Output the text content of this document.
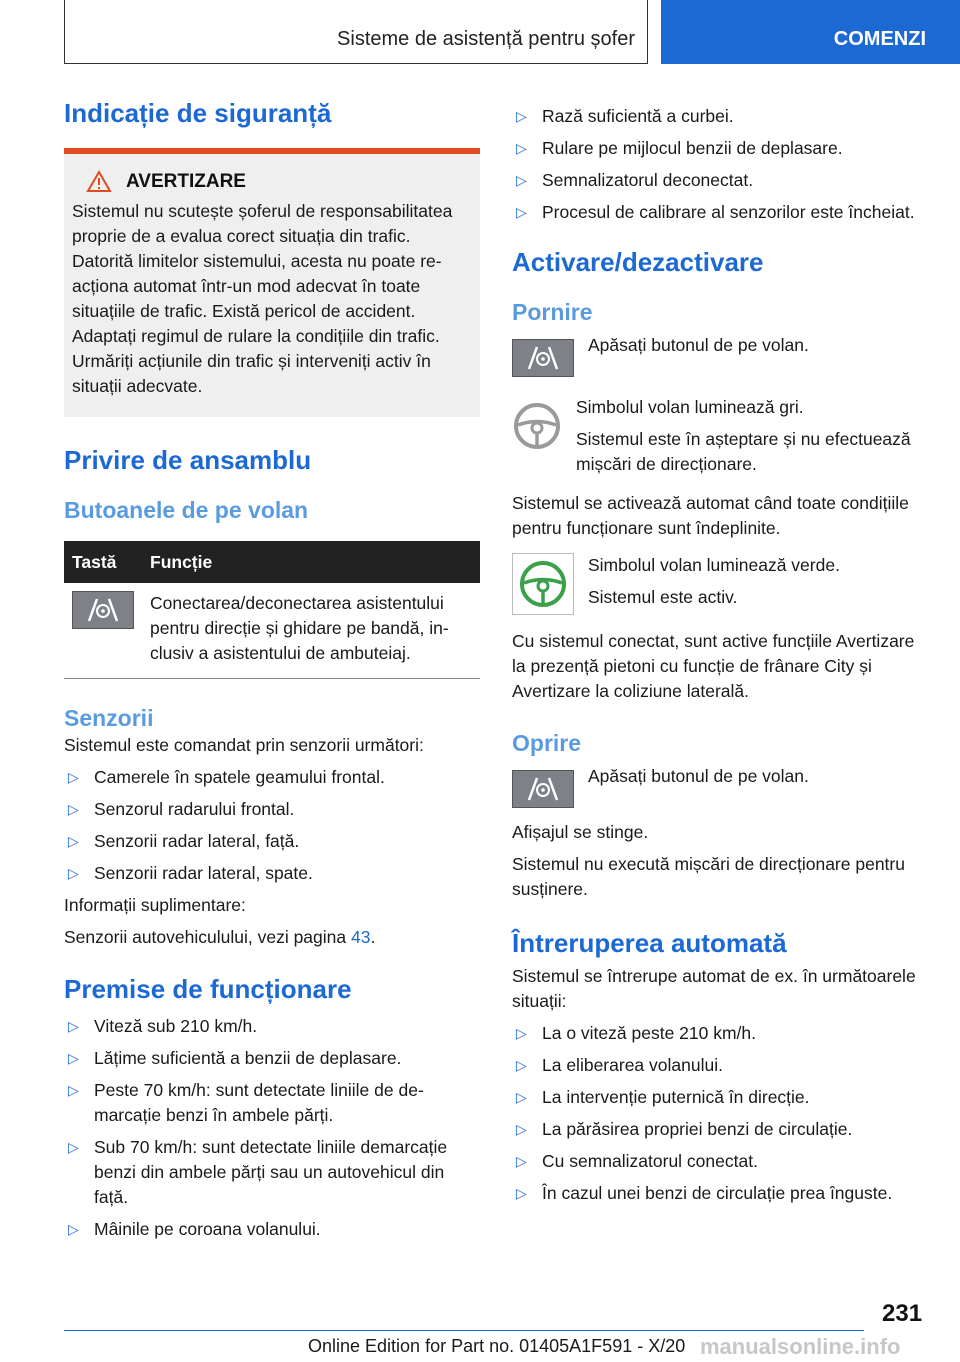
Sisteme de asistență pentru șofer	COMENZI
Indicație de siguranță
AVERTIZARE

Sistemul nu scutește șoferul de responsabilitatea proprie de a evalua corect situația din trafic. Datorită limitelor sistemului, acesta nu poate reacționa automat într-un mod adecvat în toate situațiile de trafic. Există pericol de accident. Adaptați regimul de rulare la condițiile din trafic. Urmăriți acțiunile din trafic și interveniți activ în situații adecvate.

Privire de ansamblu
Butoanele de pe volan
Tastă	Funcție

	Conectarea/deconectarea asistentului pentru direcție și ghidare pe bandă, inclusiv a asistentului de ambuteiaj.
Senzorii

Sistemul este comandat prin senzorii următori:

▷ Camerele în spatele geamului frontal.
▷ Senzorul radarului frontal.
▷ Senzorii radar lateral, față.
▷ Senzorii radar lateral, spate.

Informații suplimentare:

Senzorii autovehiculului, vezi pagina 43.

Premise de funcționare
▷ Viteză sub 210 km/h.
▷ Lățime suficientă a benzii de deplasare.
▷ Peste 70 km/h: sunt detectate liniile de demarcație benzi în ambele părți.
▷ Sub 70 km/h: sunt detectate liniile demarcație benzi din ambele părți sau un autovehicul din față.
▷ Mâinile pe coroana volanului.
▷ Rază suficientă a curbei.
▷ Rulare pe mijlocul benzii de deplasare.
▷ Semnalizatorul deconectat.
▷ Procesul de calibrare al senzorilor este încheiat.
Activare/dezactivare
Pornire

Apăsați butonul de pe volan.

Simbolul volan luminează gri.

Sistemul este în așteptare și nu efectuează mișcări de direcționare.

Sistemul se activează automat când toate condițiile pentru funcționare sunt îndeplinite.

Simbolul volan luminează verde.

Sistemul este activ.

Cu sistemul conectat, sunt active funcțiile Avertizare la prezență pietoni cu funcție de frânare City și Avertizare la coliziune laterală.

Oprire

Apăsați butonul de pe volan.

Afișajul se stinge.

Sistemul nu execută mișcări de direcționare pentru susținere.

Întreruperea automată

Sistemul se întrerupe automat de ex. în următoarele situații:

▷ La o viteză peste 210 km/h.
▷ La eliberarea volanului.
▷ La intervenție puternică în direcție.
▷ La părăsirea propriei benzi de circulație.
▷ Cu semnalizatorul conectat.
▷ În cazul unei benzi de circulație prea înguste.
231
Online Edition for Part no. 01405A1F591 - X/20 manualsonline.info
